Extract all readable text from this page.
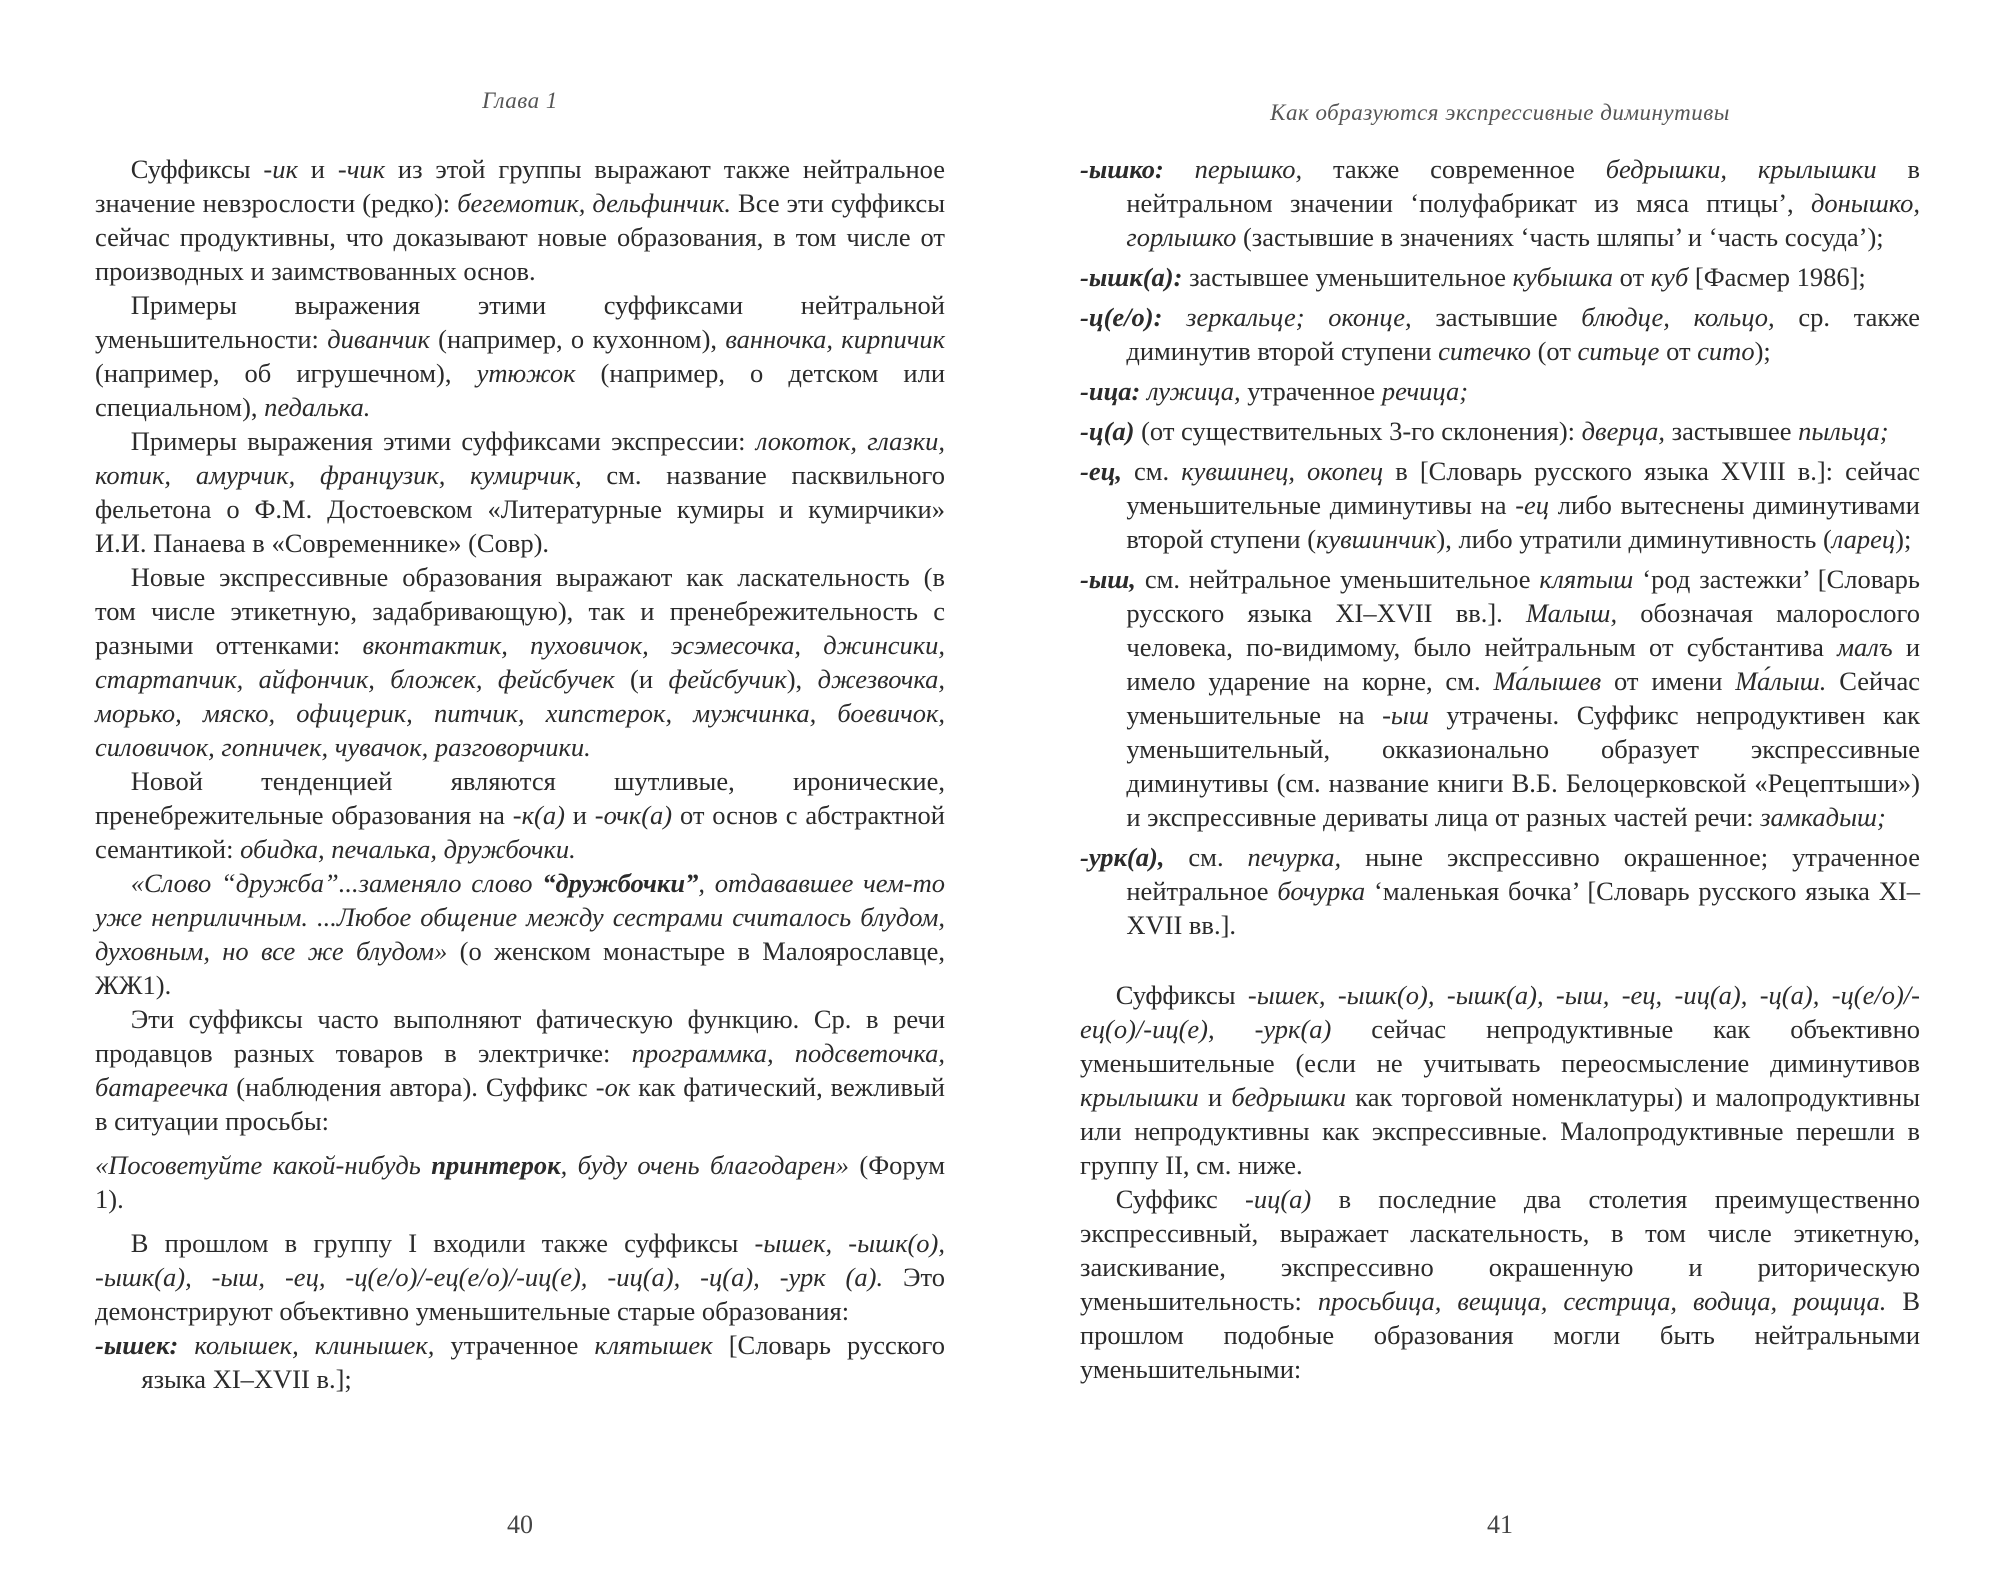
Глава 1

Суффиксы -ик и -чик из этой группы выражают также нейтральное значение невзрослости (редко): бегемотик, дельфинчик. Все эти суффиксы сейчас продуктивны, что доказывают новые образования, в том числе от производных и заимствованных основ.

Примеры выражения этими суффиксами нейтральной уменьшительности: диванчик (например, о кухонном), ванночка, кирпичик (например, об игрушечном), утюжок (например, о детском или специальном), педалька.

Примеры выражения этими суффиксами экспрессии: локоток, глазки, котик, амурчик, французик, кумирчик, см. название пасквильного фельетона о Ф.М. Достоевском «Литературные кумиры и кумирчики» И.И. Панаева в «Современнике» (Совр).

Новые экспрессивные образования выражают как ласкательность (в том числе этикетную, задабривающую), так и пренебрежительность с разными оттенками: вконтактик, пуховичок, эсэмесочка, джинсики, стартапчик, айфончик, бложек, фейсбучек (и фейсбучик), джезвочка, морько, мяско, офицерик, питчик, хипстерок, мужчинка, боевичок, силовичок, гопничек, чувачок, разговорчики.

Новой тенденцией являются шутливые, иронические, пренебрежительные образования на -к(а) и -очк(а) от основ с абстрактной семантикой: обидка, печалька, дружбочки.

«Слово “дружба”...заменяло слово “дружбочки”, отдававшее чем-то уже неприличным. ...Любое общение между сестрами считалось блудом, духовным, но все же блудом» (о женском монастыре в Малоярославце, ЖЖ1).

Эти суффиксы часто выполняют фатическую функцию. Ср. в речи продавцов разных товаров в электричке: программка, подсветочка, батареечка (наблюдения автора). Суффикс -ок как фатический, вежливый в ситуации просьбы:

«Посоветуйте какой-нибудь принтерок, буду очень благодарен» (Форум 1).

В прошлом в группу I входили также суффиксы -ышек, -ышк(о), -ышк(а), -ыш, -ец, -ц(е/о)/-ец(е/о)/-иц(е), -иц(а), -ц(а), -урк (а). Это демонстрируют объективно уменьшительные старые образования:

-ышек: колышек, клинышек, утраченное клятышек [Словарь русского языка XI–XVII в.];

40
Как образуются экспрессивные диминутивы

-ышко: перышко, также современное бедрышки, крылышки в нейтральном значении ‘полуфабрикат из мяса птицы’, донышко, горлышко (застывшие в значениях ‘часть шляпы’ и ‘часть сосуда’);

-ышк(а): застывшее уменьшительное кубышка от куб [Фасмер 1986];

-ц(е/о): зеркальце; оконце, застывшие блюдце, кольцо, ср. также диминутив второй ступени ситечко (от ситьце от сито);

-ица: лужица, утраченное речица;

-ц(а) (от существительных 3-го склонения): дверца, застывшее пыльца;

-ец, см. кувшинец, окопец в [Словарь русского языка XVIII в.]: сейчас уменьшительные диминутивы на -ец либо вытеснены диминутивами второй ступени (кувшинчик), либо утратили диминутивность (ларец);

-ыш, см. нейтральное уменьшительное клятыш ‘род застежки’ [Словарь русского языка XI–XVII вв.]. Малыш, обозначая малорослого человека, по-видимому, было нейтральным от субстантива малъ и имело ударение на корне, см. Ма́лышев от имени Ма́лыш. Сейчас уменьшительные на -ыш утрачены. Суффикс непродуктивен как уменьшительный, окказионально образует экспрессивные диминутивы (см. название книги В.Б. Белоцерковской «Рецептыши») и экспрессивные дериваты лица от разных частей речи: замкадыш;

-урк(а), см. печурка, ныне экспрессивно окрашенное; утраченное нейтральное бочурка ‘маленькая бочка’ [Словарь русского языка XI–XVII вв.].

Суффиксы -ышек, -ышк(о), -ышк(а), -ыш, -ец, -иц(а), -ц(а), -ц(е/о)/-ец(о)/-иц(е), -урк(а) сейчас непродуктивные как объективно уменьшительные (если не учитывать переосмысление диминутивов крылышки и бедрышки как торговой номенклатуры) и малопродуктивны или непродуктивны как экспрессивные. Малопродуктивные перешли в группу II, см. ниже.

Суффикс -иц(а) в последние два столетия преимущественно экспрессивный, выражает ласкательность, в том числе этикетную, заискивание, экспрессивно окрашенную и риторическую уменьшительность: просьбица, вещица, сестрица, водица, рощица. В прошлом подобные образования могли быть нейтральными уменьшительными:

41
